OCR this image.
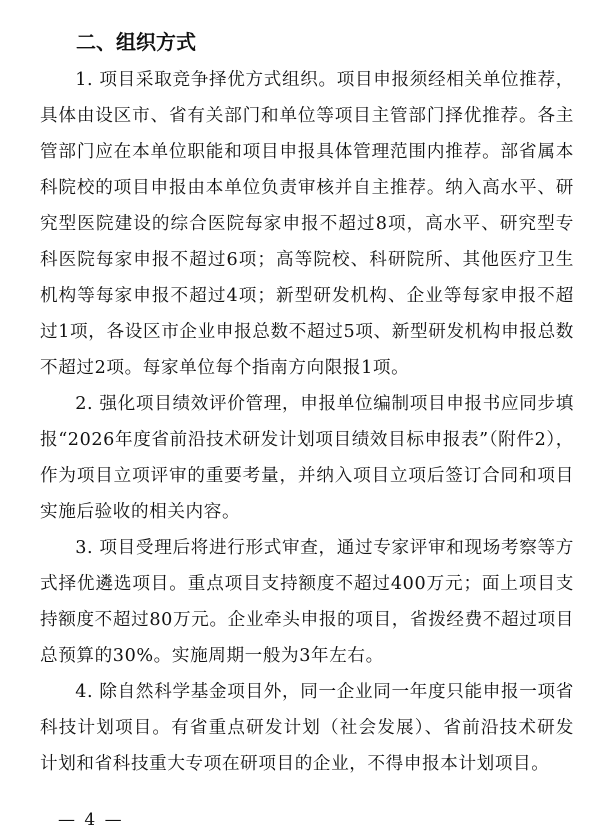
二、组织方式

1. 项目采取竞争择优方式组织。项目申报须经相关单位推荐，具体由设区市、省有关部门和单位等项目主管部门择优推荐。各主管部门应在本单位职能和项目申报具体管理范围内推荐。部省属本科院校的项目申报由本单位负责审核并自主推荐。纳入高水平、研究型医院建设的综合医院每家申报不超过8项，高水平、研究型专科医院每家申报不超过6项；高等院校、科研院所、其他医疗卫生机构等每家申报不超过4项；新型研发机构、企业等每家申报不超过1项，各设区市企业申报总数不超过5项、新型研发机构申报总数不超过2项。每家单位每个指南方向限报1项。

2. 强化项目绩效评价管理，申报单位编制项目申报书应同步填报“2026年度省前沿技术研发计划项目绩效目标申报表”（附件2），作为项目立项评审的重要考量，并纳入项目立项后签订合同和项目实施后验收的相关内容。

3. 项目受理后将进行形式审查，通过专家评审和现场考察等方式择优遴选项目。重点项目支持额度不超过400万元；面上项目支持额度不超过80万元。企业牵头申报的项目，省拨经费不超过项目总预算的30%。实施周期一般为3年左右。

4. 除自然科学基金项目外，同一企业同一年度只能申报一项省科技计划项目。有省重点研发计划（社会发展）、省前沿技术研发计划和省科技重大专项在研项目的企业，不得申报本计划项目。

— 4 —
